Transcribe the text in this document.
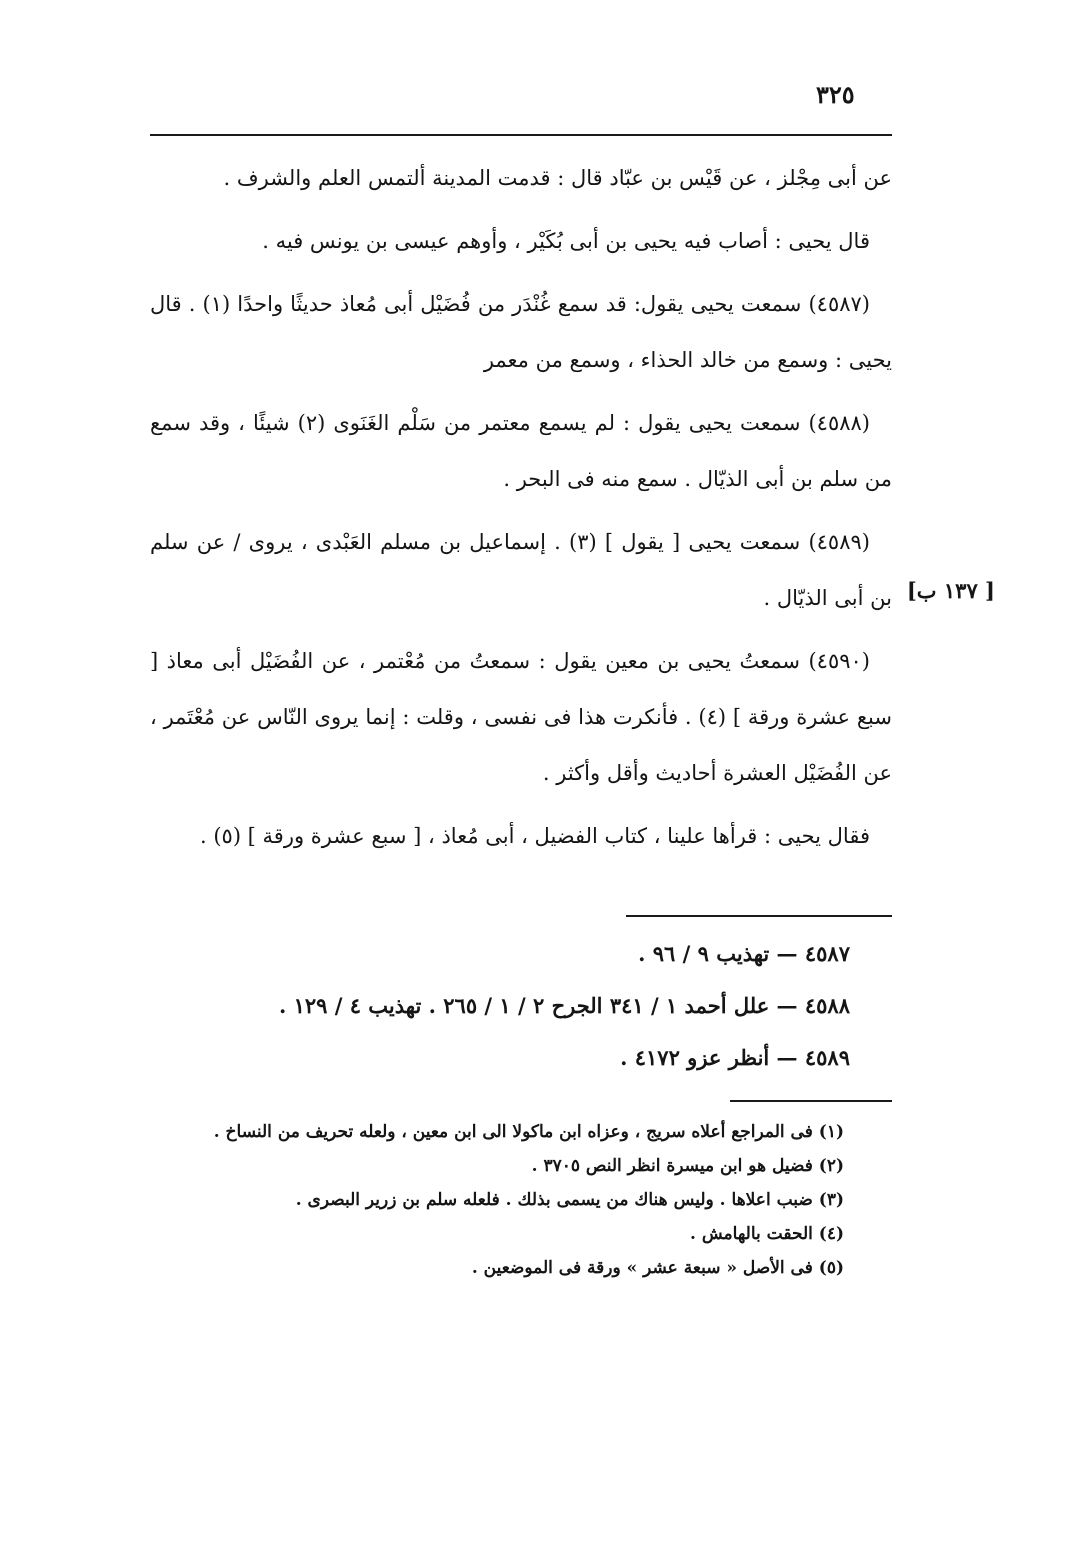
٣٢٥

عن أبى مِجْلز ، عن قَيْس بن عبّاد قال : قدمت المدينة ألتمس العلم والشرف .

قال يحيى : أصاب فيه يحيى بن أبى بُكَيْر ، وأوهم عيسى بن يونس فيه .

(٤٥٨٧) سمعت يحيى يقول: قد سمع غُنْدَر من فُضَيْل أبى مُعاذ حديثًا واحدًا (١) . قال يحيى : وسمع من خالد الحذاء ، وسمع من معمر

(٤٥٨٨) سمعت يحيى يقول : لم يسمع معتمر من سَلْم الغَنَوى (٢) شيئًا ، وقد سمع من سلم بن أبى الذيّال . سمع منه فى البحر .

(٤٥٨٩) سمعت يحيى [ يقول ] (٣) . إسماعيل بن مسلم العَبْدى ، يروى / عن سلم بن أبى الذيّال .

(٤٥٩٠) سمعتُ يحيى بن معين يقول : سمعتُ من مُعْتمر ، عن الفُضَيْل أبى معاذ [ سبع عشرة ورقة ] (٤) . فأنكرت هذا فى نفسى ، وقلت : إنما يروى النّاس عن مُعْتَمر ، عن الفُضَيْل العشرة أحاديث وأقل وأكثر .

فقال يحيى : قرأها علينا ، كتاب الفضيل ، أبى مُعاذ ، [ سبع عشرة ورقة ] (٥) .

[ ١٣٧ ب]

٤٥٨٧ — تهذيب ٩ / ٩٦ .

٤٥٨٨ — علل أحمد ١ / ٣٤١ الجرح ٢ / ١ / ٢٦٥ . تهذيب ٤ / ١٢٩ .

٤٥٨٩ — أنظر عزو ٤١٧٢ .

(١) فى المراجع أعلاه سريج ، وعزاه ابن ماكولا الى ابن معين ، ولعله تحريف من النساخ .

(٢) فضيل هو ابن ميسرة انظر النص ٣٧٠٥ .

(٣) ضبب اعلاها . وليس هناك من يسمى بذلك . فلعله سلم بن زرير البصرى .

(٤) الحقت بالهامش .

(٥) فى الأصل « سبعة عشر » ورقة فى الموضعين .
